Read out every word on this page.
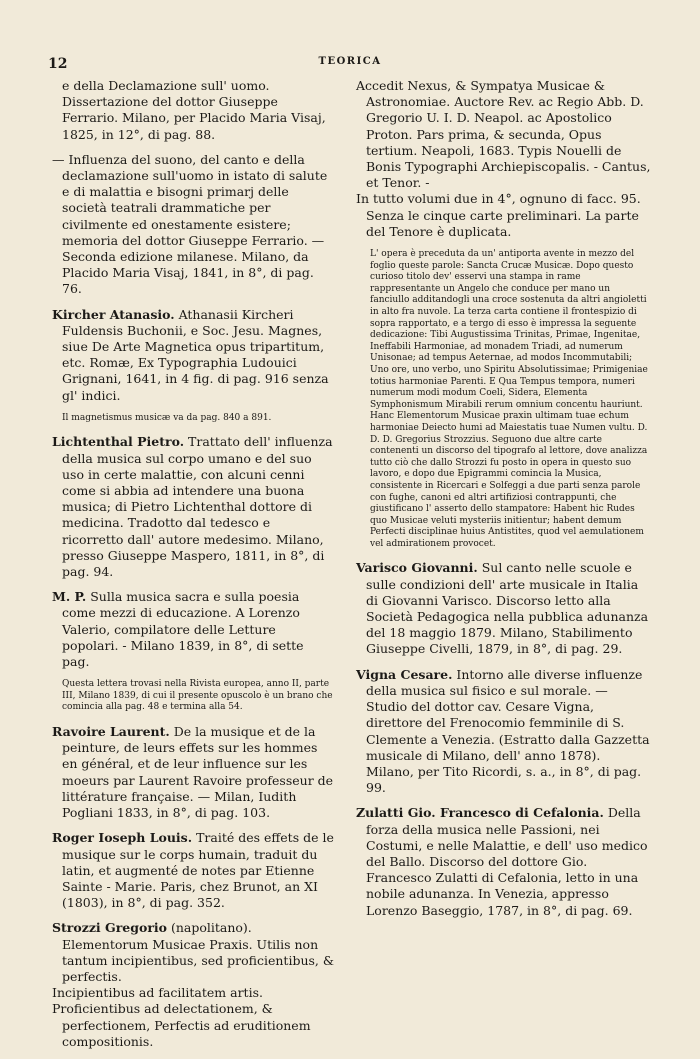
12	TEORICA

e della Declamazione sull' uomo. Dissertazione del dottor Giuseppe Ferrario. Milano, per Placido Maria Visaj, 1825, in 12°, di pag. 88.

— Influenza del suono, del canto e della declamazione sull'uomo in istato di salute e di malattia e bisogni primarj delle società teatrali drammatiche per civilmente ed onestamente esistere; memoria del dottor Giuseppe Ferrario. — Seconda edizione milanese. Milano, da Placido Maria Visaj, 1841, in 8°, di pag. 76.

Kircher Atanasio. Athanasii Kircheri Fuldensis Buchonii, e Soc. Jesu. Magnes, siue De Arte Magnetica opus tripartitum, etc. Romæ, Ex Typographia Ludouici Grignani, 1641, in 4 fig. di pag. 916 senza gl' indici.

Il magnetismus musicæ va da pag. 840 a 891.

Lichtenthal Pietro. Trattato dell' influenza della musica sul corpo umano e del suo uso in certe malattie, con alcuni cenni come si abbia ad intendere una buona musica; di Pietro Lichtenthal dottore di medicina. Tradotto dal tedesco e ricorretto dall' autore medesimo. Milano, presso Giuseppe Maspero, 1811, in 8°, di pag. 94.

M. P. Sulla musica sacra e sulla poesia come mezzi di educazione. A Lorenzo Valerio, compilatore delle Letture popolari. - Milano 1839, in 8°, di sette pag.

Questa lettera trovasi nella Rivista europea, anno II, parte III, Milano 1839, di cui il presente opuscolo è un brano che comincia alla pag. 48 e termina alla 54.

Ravoire Laurent. De la musique et de la peinture, de leurs effets sur les hommes en général, et de leur influence sur les moeurs par Laurent Ravoire professeur de littérature française. — Milan, Iudith Pogliani 1833, in 8°, di pag. 103.

Roger Ioseph Louis. Traité des effets de le musique sur le corps humain, traduit du latin, et augmenté de notes par Etienne Sainte - Marie. Paris, chez Brunot, an XI (1803), in 8°, di pag. 352.

Strozzi Gregorio (napolitano). Elementorum Musicae Praxis. Utilis non tantum incipientibus, sed proficientibus, & perfectis.

Incipientibus ad facilitatem artis.

Proficientibus ad delectationem, & perfectionem, Perfectis ad eruditionem compositionis.

Accedit Nexus, & Sympatya Musicae & Astronomiae. Auctore Rev. ac Regio Abb. D. Gregorio U. I. D. Neapol. ac Apostolico Proton. Pars prima, & secunda, Opus tertium. Neapoli, 1683. Typis Nouelli de Bonis Typographi Archiepiscopalis. - Cantus, et Tenor. -

In tutto volumi due in 4°, ognuno di facc. 95. Senza le cinque carte preliminari. La parte del Tenore è duplicata.

L' opera è preceduta da un' antiporta avente in mezzo del foglio queste parole: Sancta Crucæ Musicæ. Dopo questo curioso titolo dev' esservi una stampa in rame rappresentante un Angelo che conduce per mano un fanciullo additandogli una croce sostenuta da altri angioletti in alto fra nuvole. La terza carta contiene il frontespizio di sopra rapportato, e a tergo di esso è impressa la seguente dedicazione: Tibi Augustissima Trinitas, Primae, Ingenitae, Ineffabili Harmoniae, ad monadem Triadi, ad numerum Unisonae; ad tempus Aeternae, ad modos Incommutabili; Uno ore, uno verbo, uno Spiritu Absolutissimae; Primigeniae totius harmoniae Parenti. E Qua Tempus tempora, numeri numerum modi modum Coeli, Sidera, Elementa Symphonismum Mirabili rerum omnium concentu hauriunt. Hanc Elementorum Musicae praxin ultimam tuae echum harmoniae Deiecto humi ad Maiestatis tuae Numen vultu. D. D. D. Gregorius Strozzius. Seguono due altre carte contenenti un discorso del tipografo al lettore, dove analizza tutto ciò che dallo Strozzi fu posto in opera in questo suo lavoro, e dopo due Epigrammi comincia la Musica, consistente in Ricercari e Solfeggi a due parti senza parole con fughe, canoni ed altri artifiziosi contrappunti, che giustificano l' asserto dello stampatore: Habent hic Rudes quo Musicae veluti mysteriis initientur; habent demum Perfecti disciplinae huius Antistites, quod vel aemulationem vel admirationem provocet.

Varisco Giovanni. Sul canto nelle scuole e sulle condizioni dell' arte musicale in Italia di Giovanni Varisco. Discorso letto alla Società Pedagogica nella pubblica adunanza del 18 maggio 1879. Milano, Stabilimento Giuseppe Civelli, 1879, in 8°, di pag. 29.

Vigna Cesare. Intorno alle diverse influenze della musica sul fisico e sul morale. — Studio del dottor cav. Cesare Vigna, direttore del Frenocomio femminile di S. Clemente a Venezia. (Estratto dalla Gazzetta musicale di Milano, dell' anno 1878). Milano, per Tito Ricordi, s. a., in 8°, di pag. 99.

Zulatti Gio. Francesco di Cefalonia. Della forza della musica nelle Passioni, nei Costumi, e nelle Malattie, e dell' uso medico del Ballo. Discorso del dottore Gio. Francesco Zulatti di Cefalonia, letto in una nobile adunanza. In Venezia, appresso Lorenzo Baseggio, 1787, in 8°, di pag. 69.
